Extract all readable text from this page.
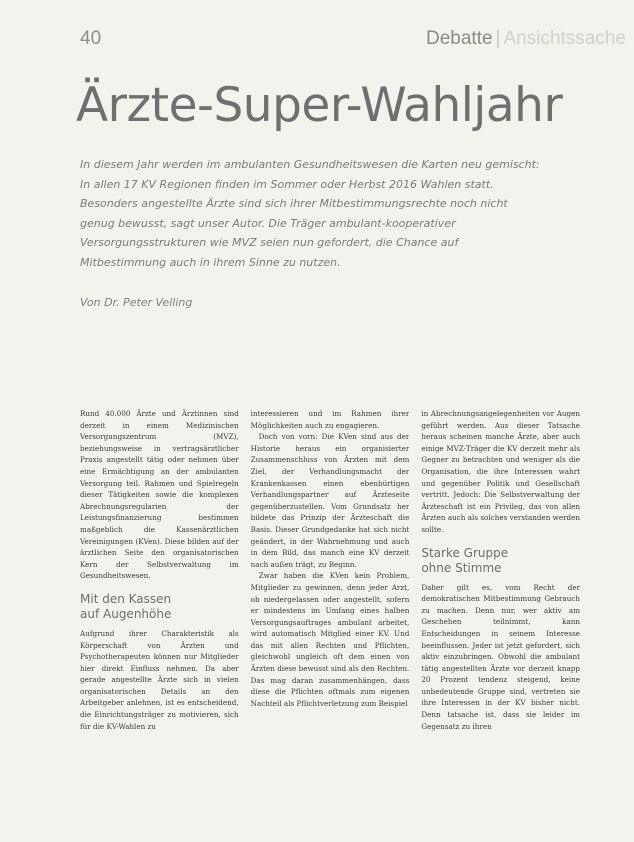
40	Debatte | Ansichtssache
Ärzte-Super-Wahljahr

In diesem Jahr werden im ambulanten Gesundheitswesen die Karten neu gemischt: In allen 17 KV Regionen finden im Sommer oder Herbst 2016 Wahlen statt. Besonders angestellte Ärzte sind sich ihrer Mitbestimmungsrechte noch nicht genug bewusst, sagt unser Autor. Die Träger ambulant-kooperativer Versorgungsstrukturen wie MVZ seien nun gefordert, die Chance auf Mitbestimmung auch in ihrem Sinne zu nutzen.

Von Dr. Peter Velling

Rund 40.000 Ärzte und Ärztinnen sind derzeit in einem Medizinischen Versorgungszentrum (MVZ), beziehungsweise in vertragsärztlicher Praxis angestellt tätig oder nehmen über eine Ermächtigung an der ambulanten Versorgung teil. Rahmen und Spielregeln dieser Tätigkeiten sowie die komplexen Abrechnungsregularien der Leistungsfinanzierung bestimmen maßgeblich die Kassenärztlichen Vereinigungen (KVen). Diese bilden auf der ärztlichen Seite den organisatorischen Kern der Selbstverwaltung im Gesundheitswesen.

Mit den Kassen
auf Augenhöhe

Aufgrund ihrer Charakteristik als Körperschaft von Ärzten und Psychotherapeuten können nur Mitglieder hier direkt Einfluss nehmen. Da aber gerade angestellte Ärzte sich in vielen organisatorischen Details an den Arbeitgeber anlehnen, ist es entscheidend, die Einrichtungsträger zu motivieren, sich für die KV-Wahlen zu

interessieren und im Rahmen ihrer Möglichkeiten auch zu engagieren.

Doch von vorn: Die KVen sind aus der Historie heraus ein organisierter Zusammenschluss von Ärzten mit dem Ziel, der Verhandlungsmacht der Krankenkassen einen ebenbürtigen Verhandlungspartner auf Ärzteseite gegenüberzustellen. Vom Grundsatz her bildete das Prinzip der Ärzteschaft die Basis. Dieser Grundgedanke hat sich nicht geändert, in der Wahrnehmung und auch in dem Bild, das manch eine KV derzeit nach außen trägt, zu Beginn.

Zwar haben die KVen kein Problem, Mitglieder zu gewinnen, denn jeder Arzt, ob niedergelassen oder angestellt, sofern er mindestens im Umfang eines halben Versorgungsauftrages ambulant arbeitet, wird automatisch Mitglied einer KV. Und das mit allen Rechten und Pflichten, gleichwohl ungleich oft dem einen von Ärzten diese bewusst sind als den Rechten. Das mag daran zusammenhängen, dass diese die Pflichten oftmals zum eigenen Nachteil als Pflichtverletzung zum Beispiel

in Abrechnungsangelegenheiten vor Augen geführt werden. Aus dieser Tatsache heraus scheinen manche Ärzte, aber auch einige MVZ-Träger die KV derzeit mehr als Gegner zu betrachten und weniger als die Organisation, die ihre Interessen wahrt und gegenüber Politik und Gesellschaft vertritt. Jedoch: Die Selbstverwaltung der Ärzteschaft ist ein Privileg, das von allen Ärzten auch als solches verstanden werden sollte.

Starke Gruppe
ohne Stimme

Daher gilt es, vom Recht der demokratischen Mitbestimmung Gebrauch zu machen. Denn nur, wer aktiv am Geschehen teilnimmt, kann Entscheidungen in seinem Interesse beeinflussen. Jeder ist jetzt gefordert, sich aktiv einzubringen. Obwohl die ambulant tätig angestellten Ärzte vor derzeit knapp 20 Prozent tendenz steigend, keine unbedeutende Gruppe sind, vertreten sie ihre Interessen in der KV bisher nicht. Denn tatsache ist, dass sie leider im Gegensatz zu ihren
